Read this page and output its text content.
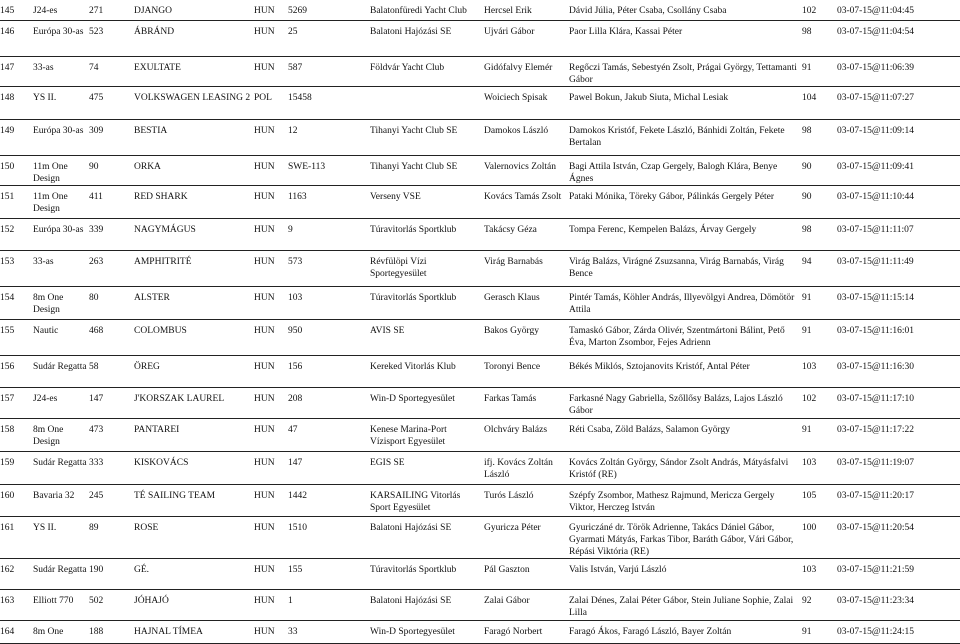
145	J24-es	271	DJANGO	HUN	5269	Balatonfüredi Yacht Club	Hercsel Erik	Dávid Júlia, Péter Csaba, Csollány Csaba	102	03-07-15@11:04:45

146	Európa 30-as	523	ÁBRÁND	HUN	25	Balatoni Hajózási SE	Ujvári Gábor	Paor Lilla Klára, Kassai Péter	98	03-07-15@11:04:54

147	33-as	74	EXULTATE	HUN	587	Földvár Yacht Club	Gidófalvy Elemér	Regőczi Tamás, Sebestyén Zsolt, Prágai György, Tettamanti Gábor	91	03-07-15@11:06:39

148	YS II.	475	VOLKSWAGEN LEASING 2	POL	15458		Woiciech Spisak	Pawel Bokun, Jakub Siuta, Michal Lesiak	104	03-07-15@11:07:27

149	Európa 30-as	309	BESTIA	HUN	12	Tihanyi Yacht Club SE	Damokos László	Damokos Kristóf, Fekete László, Bánhidi Zoltán, Fekete Bertalan	98	03-07-15@11:09:14

150	11m One Design	90	ORKA	HUN	SWE-113	Tihanyi Yacht Club SE	Valernovics Zoltán	Bagi Attila István, Czap Gergely, Balogh Klára, Benye Ágnes	90	03-07-15@11:09:41

151	11m One Design	411	RED SHARK	HUN	1163	Verseny VSE	Kovács Tamás Zsolt	Pataki Mónika, Töreky Gábor, Pálinkás Gergely Péter	90	03-07-15@11:10:44

152	Európa 30-as	339	NAGYMÁGUS	HUN	9	Túravitorlás Sportklub	Takácsy Géza	Tompa Ferenc, Kempelen Balázs, Árvay Gergely	98	03-07-15@11:11:07

153	33-as	263	AMPHITRITÉ	HUN	573	Révfülöpi Vízi Sportegyesület	Virág Barnabás	Virág Balázs, Virágné Zsuzsanna, Virág Barnabás, Virág Bence	94	03-07-15@11:11:49

154	8m One Design	80	ALSTER	HUN	103	Túravitorlás Sportklub	Gerasch Klaus	Pintér Tamás, Köhler András, Illyevölgyi Andrea, Dömötör Attila	91	03-07-15@11:15:14

155	Nautic	468	COLOMBUS	HUN	950	AVIS SE	Bakos György	Tamaskó Gábor, Zárda Olivér, Szentmártoni Bálint, Pető Éva, Marton Zsombor, Fejes Adrienn	91	03-07-15@11:16:01

156	Sudár Regatta	58	ÖREG	HUN	156	Kereked Vitorlás Klub	Toronyi Bence	Békés Miklós, Sztojanovits Kristóf, Antal Péter	103	03-07-15@11:16:30

157	J24-es	147	J'KORSZAK LAUREL	HUN	208	Win-D Sportegyesület	Farkas Tamás	Farkasné Nagy Gabriella, Szőllősy Balázs, Lajos László Gábor	102	03-07-15@11:17:10

158	8m One Design	473	PANTAREI	HUN	47	Kenese Marina-Port Vízisport Egyesület	Olchváry Balázs	Réti Csaba, Zöld Balázs, Salamon György	91	03-07-15@11:17:22

159	Sudár Regatta	333	KISKOVÁCS	HUN	147	EGIS SE	ifj. Kovács Zoltán László	Kovács Zoltán György, Sándor Zsolt András, Mátyásfalvi Kristóf (RE)	103	03-07-15@11:19:07

160	Bavaria 32	245	TÉ SAILING TEAM	HUN	1442	KARSAILING Vitorlás Sport Egyesület	Turós László	Szépfy Zsombor, Mathesz Rajmund, Mericza Gergely Viktor, Herczeg István	105	03-07-15@11:20:17

161	YS II.	89	ROSE	HUN	1510	Balatoni Hajózási SE	Gyuricza Péter	Gyuriczáné dr. Török Adrienne, Takács Dániel Gábor, Gyarmati Mátyás, Farkas Tibor, Baráth Gábor, Vári Gábor, Répási Viktória (RE)	100	03-07-15@11:20:54

162	Sudár Regatta	190	GÉ.	HUN	155	Túravitorlás Sportklub	Pál Gaszton	Valis István, Varjú László	103	03-07-15@11:21:59

163	Elliott 770	502	JÓHAJÓ	HUN	1	Balatoni Hajózási SE	Zalai Gábor	Zalai Dénes, Zalai Péter Gábor, Stein Juliane Sophie, Zalai Lilla	92	03-07-15@11:23:34

164	8m One	188	HAJNAL TÍMEA	HUN	33	Win-D Sportegyesület	Faragó Norbert	Faragó Ákos, Faragó László, Bayer Zoltán	91	03-07-15@11:24:15
